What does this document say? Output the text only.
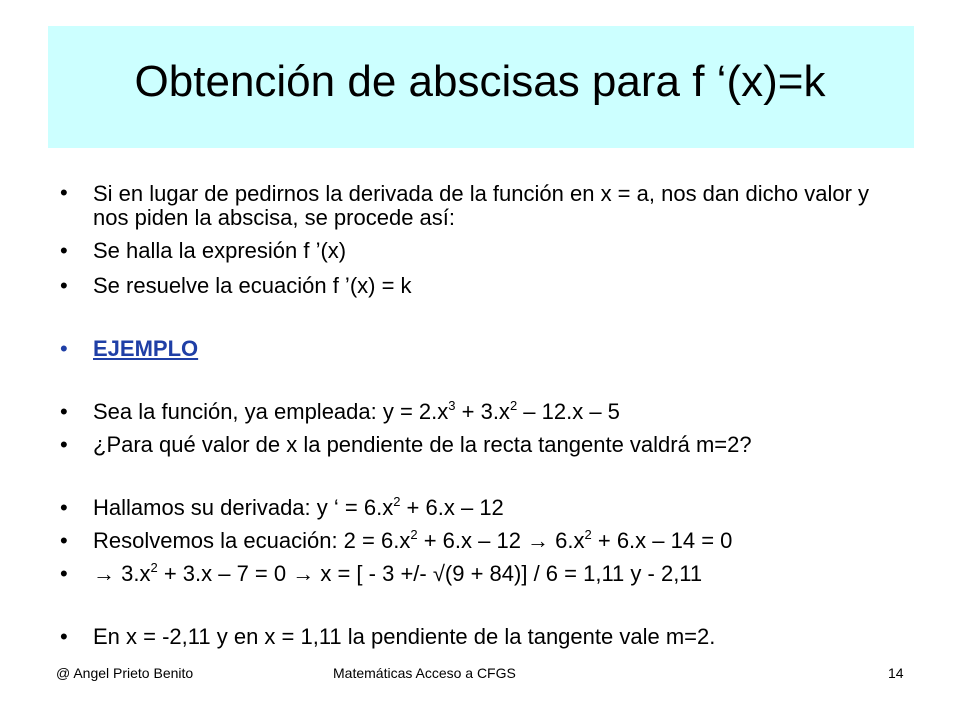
Obtención de abscisas para f ‘(x)=k
• Si en lugar de pedirnos la derivada de la función en x = a, nos dan dicho valor y nos piden la abscisa, se procede así:
• Se halla la expresión f ’(x)
• Se resuelve la ecuación f ’(x) = k
• EJEMPLO
• Sea la función, ya empleada: $y = 2.x^3 + 3.x^2 - 12.x - 5$
• ¿Para qué valor de x la pendiente de la recta tangente valdrá m=2?
• Hallamos su derivada: y ‘ = $6.x^2 + 6.x - 12$
• Resolvemos la ecuación: $2 = 6.x^2 + 6.x - 12 \to 6.x^2 + 6.x - 14 = 0$
• → $3.x^2 + 3.x - 7 = 0 \to x$ = [ - 3 +/- √(9 + 84)] / 6 = 1,11 y - 2,11
• En x = -2,11 y en x = 1,11 la pendiente de la tangente vale m=2.
@ Angel Prieto Benito	Matemáticas Acceso a CFGS	14
